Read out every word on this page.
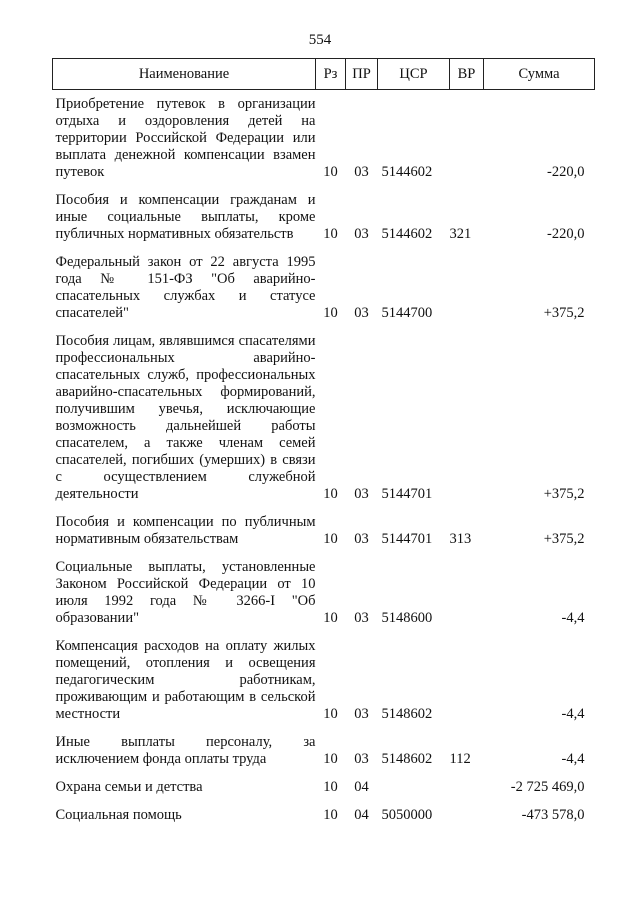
554
Наименование	Рз	ПР	ЦСР	ВР	Сумма
Приобретение путевок в организации отдыха и оздоровления детей на территории Российской Федерации или выплата денежной компенсации взамен путевок	10	03	5144602		-220,0
Пособия и компенсации гражданам и иные социальные выплаты, кроме публичных нормативных обязательств	10	03	5144602	321	-220,0
Федеральный закон от 22 августа 1995 года № 151-ФЗ "Об аварийно-спасательных службах и статусе спасателей"	10	03	5144700		+375,2
Пособия лицам, являвшимся спасателями профессиональных аварийно-спасательных служб, профессиональных аварийно-спасательных формирований, получившим увечья, исключающие возможность дальнейшей работы спасателем, а также членам семей спасателей, погибших (умерших) в связи с осуществлением служебной деятельности	10	03	5144701		+375,2
Пособия и компенсации по публичным нормативным обязательствам	10	03	5144701	313	+375,2
Социальные выплаты, установленные Законом Российской Федерации от 10 июля 1992 года № 3266-I "Об образовании"	10	03	5148600		-4,4
Компенсация расходов на оплату жилых помещений, отопления и освещения педагогическим работникам, проживающим и работающим в сельской местности	10	03	5148602		-4,4
Иные выплаты персоналу, за исключением фонда оплаты труда	10	03	5148602	112	-4,4
Охрана семьи и детства	10	04			-2 725 469,0
Социальная помощь	10	04	5050000		-473 578,0
